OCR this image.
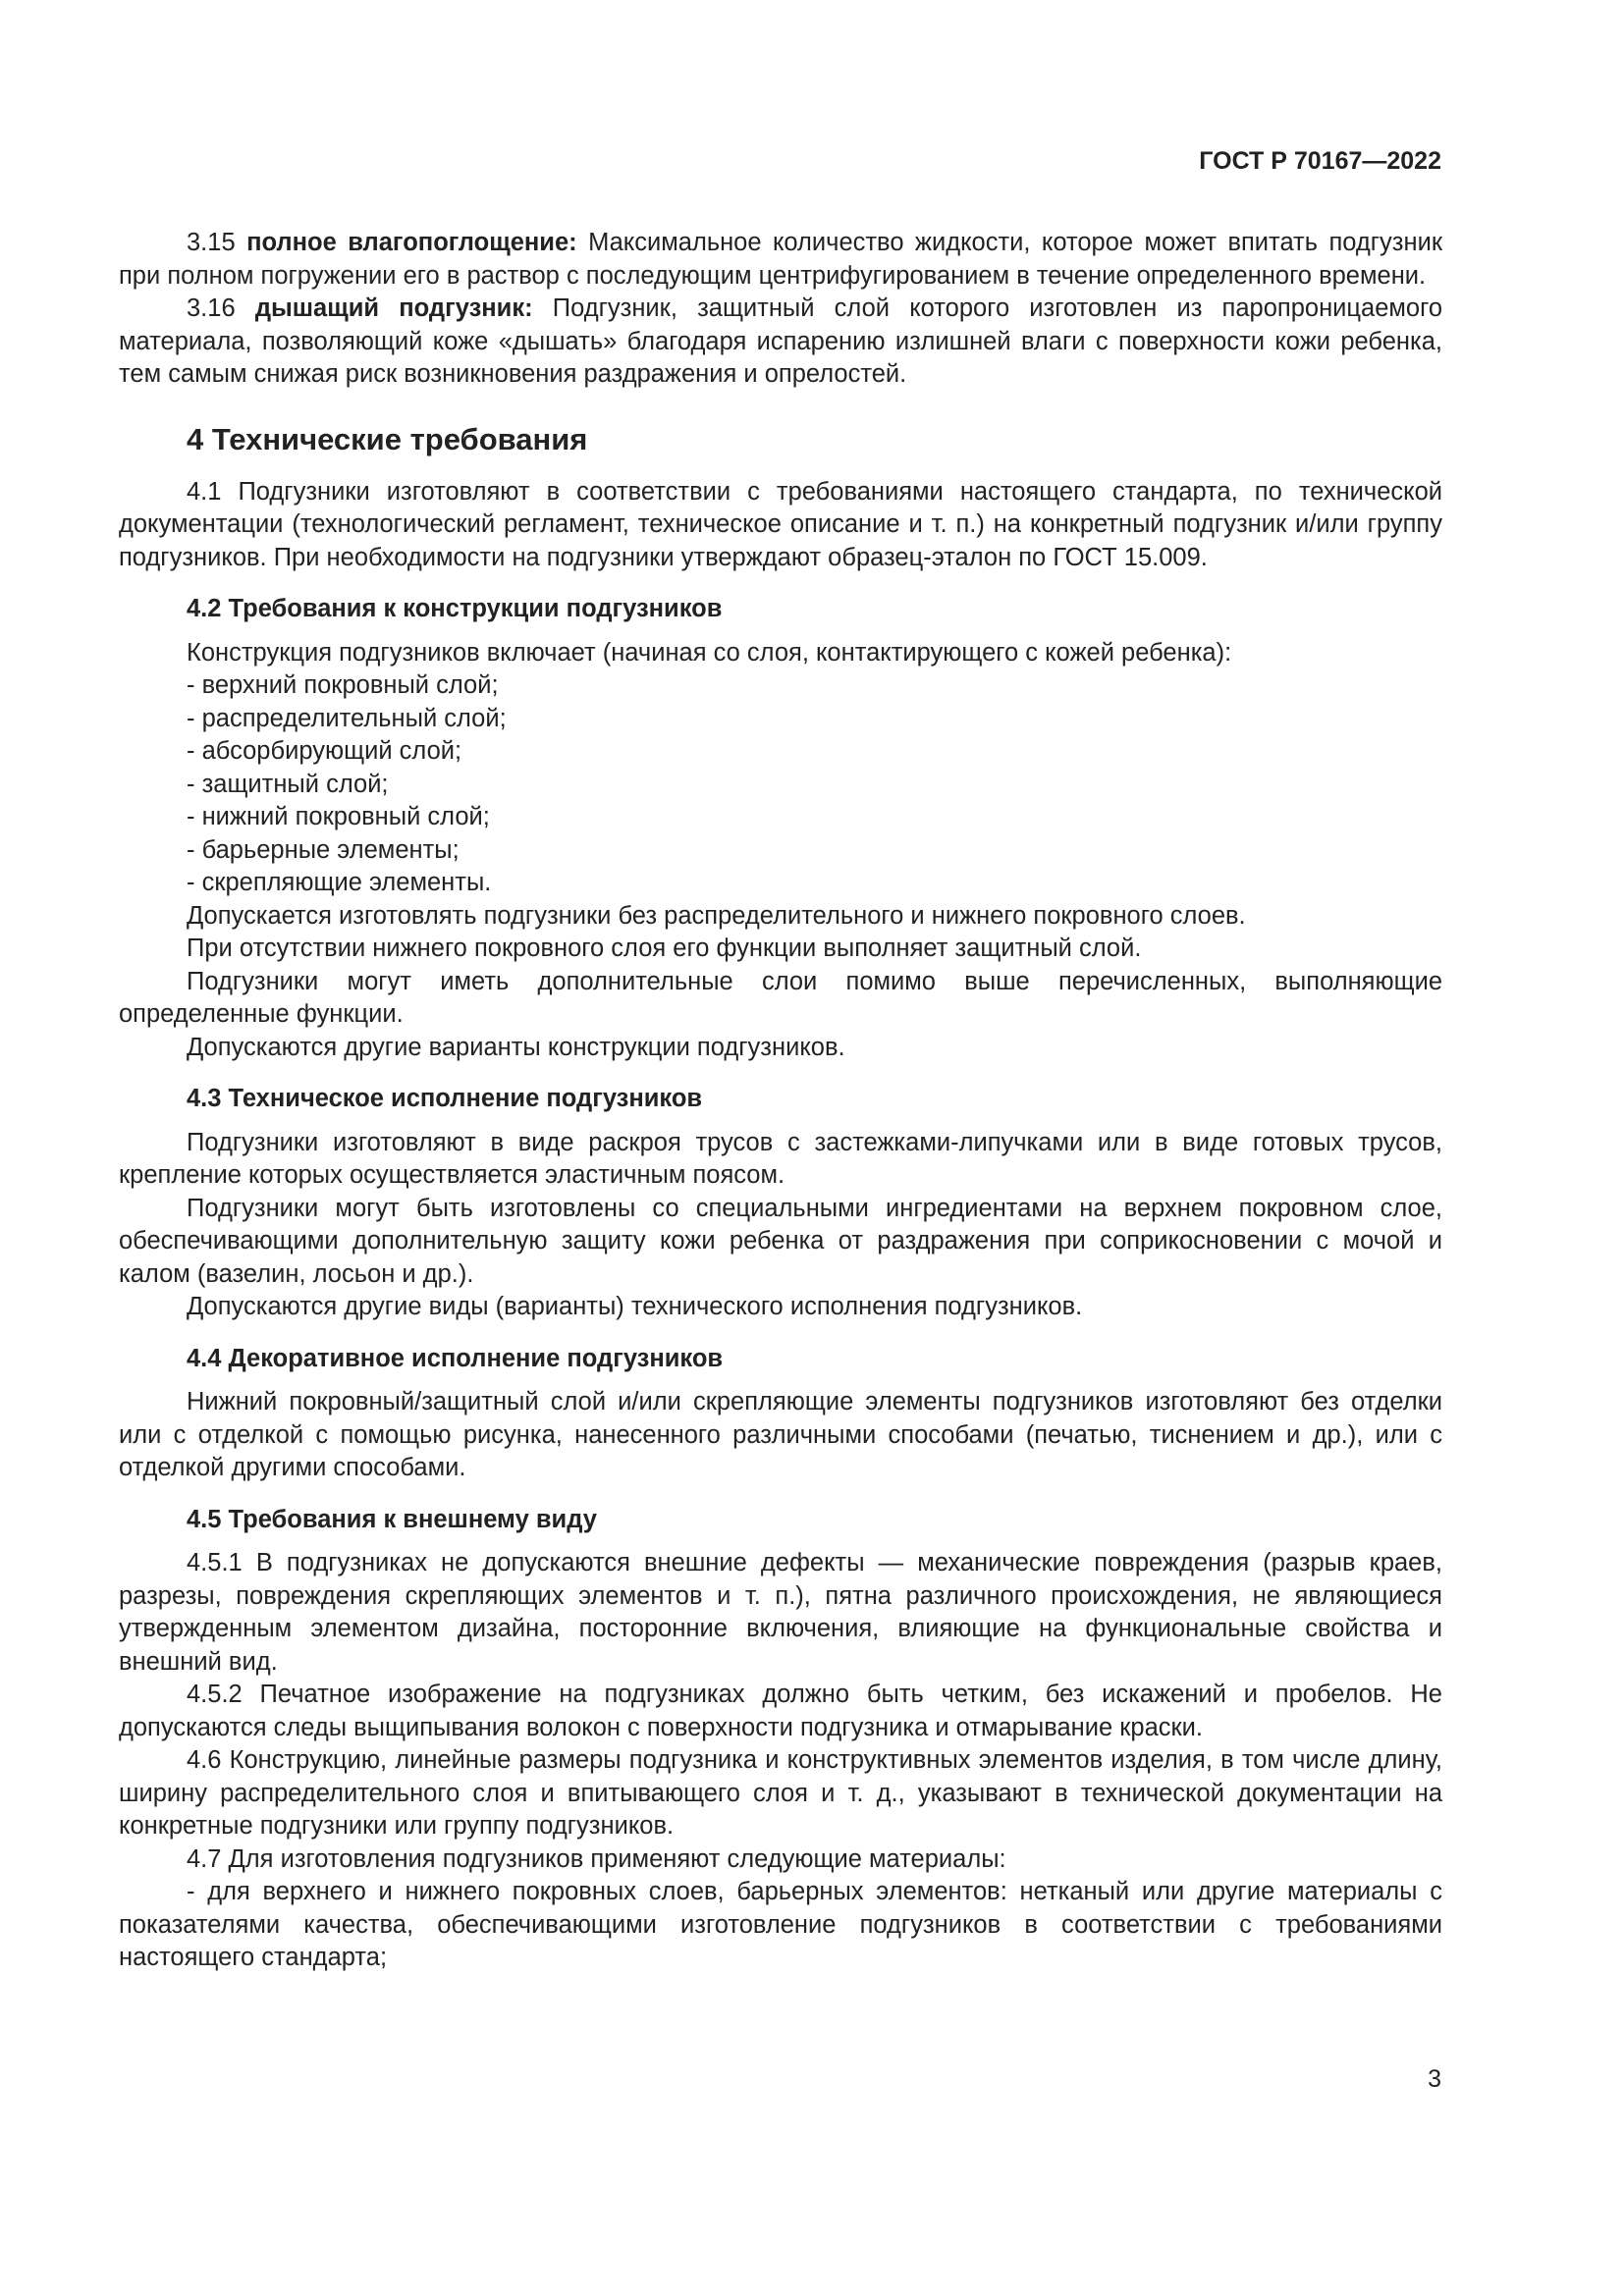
ГОСТ Р 70167—2022

3.15 полное влагопоглощение: Максимальное количество жидкости, которое может впитать подгузник при полном погружении его в раствор с последующим центрифугированием в течение определенного времени.

3.16 дышащий подгузник: Подгузник, защитный слой которого изготовлен из паропроницаемого материала, позволяющий коже «дышать» благодаря испарению излишней влаги с поверхности кожи ребенка, тем самым снижая риск возникновения раздражения и опрелостей.

4 Технические требования

4.1 Подгузники изготовляют в соответствии с требованиями настоящего стандарта, по технической документации (технологический регламент, техническое описание и т. п.) на конкретный подгузник и/или группу подгузников. При необходимости на подгузники утверждают образец-эталон по ГОСТ 15.009.

4.2 Требования к конструкции подгузников

Конструкция подгузников включает (начиная со слоя, контактирующего с кожей ребенка):

- верхний покровный слой;

- распределительный слой;

- абсорбирующий слой;

- защитный слой;

- нижний покровный слой;

- барьерные элементы;

- скрепляющие элементы.

Допускается изготовлять подгузники без распределительного и нижнего покровного слоев.

При отсутствии нижнего покровного слоя его функции выполняет защитный слой.

Подгузники могут иметь дополнительные слои помимо выше перечисленных, выполняющие определенные функции.

Допускаются другие варианты конструкции подгузников.

4.3 Техническое исполнение подгузников

Подгузники изготовляют в виде раскроя трусов с застежками-липучками или в виде готовых трусов, крепление которых осуществляется эластичным поясом.

Подгузники могут быть изготовлены со специальными ингредиентами на верхнем покровном слое, обеспечивающими дополнительную защиту кожи ребенка от раздражения при соприкосновении с мочой и калом (вазелин, лосьон и др.).

Допускаются другие виды (варианты) технического исполнения подгузников.

4.4 Декоративное исполнение подгузников

Нижний покровный/защитный слой и/или скрепляющие элементы подгузников изготовляют без отделки или с отделкой с помощью рисунка, нанесенного различными способами (печатью, тиснением и др.), или с отделкой другими способами.

4.5 Требования к внешнему виду

4.5.1 В подгузниках не допускаются внешние дефекты — механические повреждения (разрыв краев, разрезы, повреждения скрепляющих элементов и т. п.), пятна различного происхождения, не являющиеся утвержденным элементом дизайна, посторонние включения, влияющие на функциональные свойства и внешний вид.

4.5.2 Печатное изображение на подгузниках должно быть четким, без искажений и пробелов. Не допускаются следы выщипывания волокон с поверхности подгузника и отмарывание краски.

4.6 Конструкцию, линейные размеры подгузника и конструктивных элементов изделия, в том числе длину, ширину распределительного слоя и впитывающего слоя и т. д., указывают в технической документации на конкретные подгузники или группу подгузников.

4.7 Для изготовления подгузников применяют следующие материалы:

- для верхнего и нижнего покровных слоев, барьерных элементов: нетканый или другие материалы с показателями качества, обеспечивающими изготовление подгузников в соответствии с требованиями настоящего стандарта;

3
